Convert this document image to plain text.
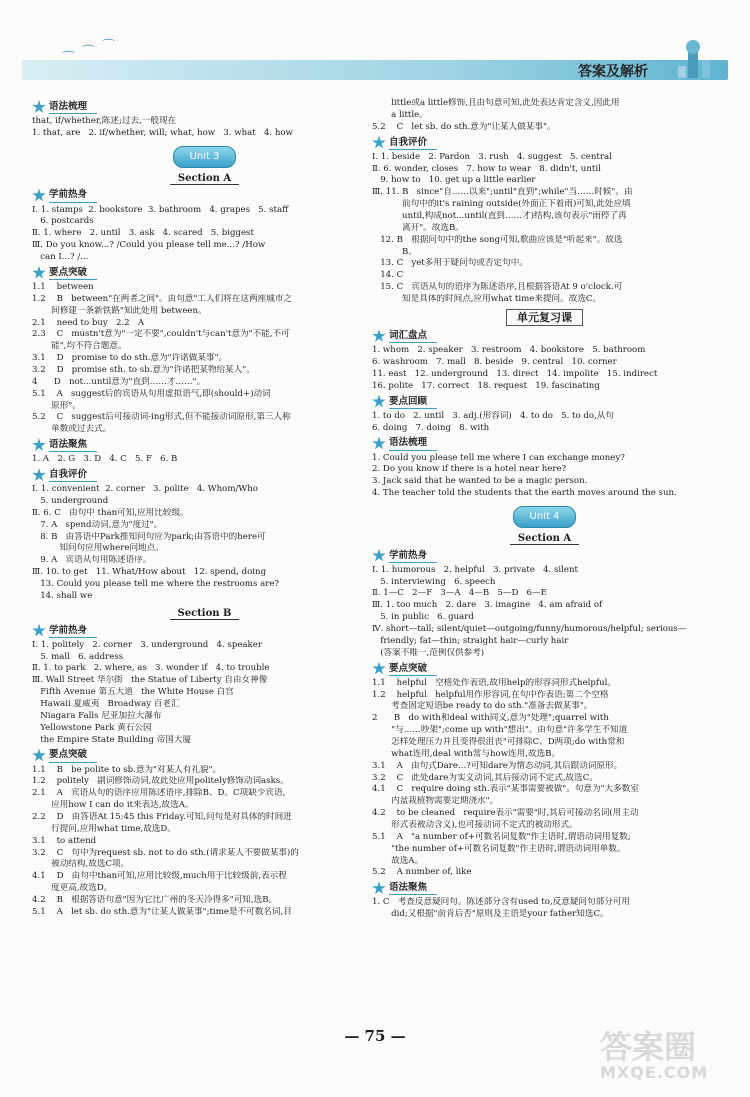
⌒ ⌒
⌒
答案及解析
语法梳理
that, if/whether,陈述;过去,一般现在
1. that, are   2. if/whether, will; what, how   3. what   4. how
Unit 3
Section A
学前热身
Ⅰ. 1. stamps  2. bookstore  3. bathroom   4. grapes   5. staff
6. postcards
Ⅱ. 1. where   2. until   3. ask   4. scared   5. biggest
Ⅲ. Do you know...? /Could you please tell me...? /How
can I...? /...
要点突破
1.1    between
1.2    B   between"在两者之间"。由句意"工人们将在这两座城市之
间修建一条新铁路"知此处用 between。
2.1    need to buy   2.2   A
2.3    C   mustn't意为"一定不要",couldn't与can't意为"不能,不可
能",均不符合题意。
3.1    D   promise to do sth.意为"许诺做某事"。
3.2    D   promise sth. to sb.意为"许诺把某物给某人"。
4      D   not...until意为"直到……才……"。
5.1    A   suggest后的宾语从句用虚拟语气,即(should+)动词
原形"。
5.2    C   suggest后可接动词-ing形式,但不能接动词原形,第三人称
单数或过去式。
语法聚焦
1. A   2. G   3. D   4. C   5. F   6. B
自我评价
Ⅰ. 1. convenient  2. corner   3. polite   4. Whom/Who
5. underground
Ⅱ. 6. C   由句中 than可知,应用比较级。
7. A   spend动词,意为"度过"。
8. B   由答语中Park推知问句应为park;由答语中的here可
知问句应用where问地点。
9. A   宾语从句用陈述语序。
Ⅲ. 10. to get   11. What/How about   12. spend, doing
13. Could you please tell me where the restrooms are?
14. shall we
Section B
学前热身
Ⅰ. 1. politely   2. corner   3. underground   4. speaker
5. mall   6. address
Ⅱ. 1. to park   2. where, as   3. wonder if   4. to trouble
Ⅲ. Wall Street 华尔街   the Statue of Liberty 自由女神像
Fifth Avenue 第五大道   the White House 白宫
Hawaii 夏威夷   Broadway 百老汇
Niagara Falls 尼亚加拉大瀑布
Yellowstone Park 黄石公园
the Empire State Building 帝国大厦
要点突破
1.1    B   be polite to sb.意为"对某人有礼貌"。
1.2    politely   副词修饰动词,故此处应用politely修饰动词asks。
2.1    A   宾语从句的语序应用陈述语序,排除B、D。C项缺少宾语,
应用how I can do it来表达,故选A。
2.2    D   由答语At 15:45 this Friday.可知,问句是对具体的时间进
行提问,应用what time,故选D。
3.1    to attend
3.2    C   句中为request sb. not to do sth.(请求某人不要做某事)的
被动结构,故选C项。
4.1    D   由句中than可知,应用比较级,much用于比较级前,表示程
度更高,故选D。
4.2    B   根据答语句意"因为它比广州的冬天冷得多"可知,选B。
5.1    A   let sb. do sth.意为"让某人做某事";time是不可数名词,目
little或a little修饰,且由句意可知,此处表达肯定含义,因此用
a little。
5.2    C   let sb. do sth.意为"让某人做某事"。
自我评价
Ⅰ. 1. beside   2. Pardon   3. rush   4. suggest   5. central
Ⅱ. 6. wonder, closes   7. how to wear   8. didn't, until
9. how to   10. get up a little earlier
Ⅲ. 11. B   since"自……以来";until"直到";while"当……时候"。由
前句中的it's raining outside(外面正下着雨)可知,此处应填
until,构成not...until(直到……才)结构,该句表示"雨停了再
离开"。故选B。
12. B   根据问句中的the song可知,歌曲应该是"听起来"。故选
B。
13. C   yet多用于疑问句或否定句中。
14. C
15. C   宾语从句的语序为陈述语序,且根据答语At 9 o'clock.可
知是具体的时间点,应用what time来提问。故选C。
单元复习课
词汇盘点
1. whom   2. speaker   3. restroom   4. bookstore   5. bathroom
6. washroom   7. mall   8. beside   9. central   10. corner
11. east   12. underground   13. direct   14. impolite   15. indirect
16. polite   17. correct   18. request   19. fascinating
要点回顾
1. to do   2. until   3. adj.(形容词)   4. to do   5. to do,从句
6. doing   7. doing   8. with
语法梳理
1. Could you please tell me where I can exchange money?
2. Do you know if there is a hotel near here?
3. Jack said that he wanted to be a magic person.
4. The teacher told the students that the earth moves around the sun.
Unit 4
Section A
学前热身
Ⅰ. 1. humorous   2. helpful   3. private   4. silent
5. interviewing   6. speech
Ⅱ. 1—C   2—F   3—A   4—B   5—D   6—E
Ⅲ. 1. too much   2. dare   3. imagine   4. am afraid of
5. in public   6. guard
Ⅳ. short—tall; silent/quiet—outgoing/funny/humorous/helpful; serious—
friendly; fat—thin; straight hair—curly hair
(答案不唯一,范例仅供参考)
要点突破
1.1    helpful   空格处作表语,故用help的形容词形式helpful。
1.2    helpful   helpful用作形容词,在句中作表语;第二个空格
考查固定短语be ready to do sth."准备去做某事"。
2      B   do with和deal with同义,意为"处理";quarrel with
"与……吵架";come up with"想出"。由句意"许多学生不知道
怎样处理压力并且变得很沮丧"可排除C、D两项;do with常和
what连用,deal with常与how连用,故选B。
3.1    A   由句式Dare...?可知dare为情态动词,其后跟动词原形。
3.2    C   此处dare为实义动词,其后接动词不定式,故选C。
4.1    C   require doing sth.表示"某事需要被做"。句意为"大多数室
内盆栽植物需要定期浇水"。
4.2    to be cleaned   require表示"需要"时,其后可接动名词(用主动
形式表被动含义),也可接动词不定式的被动形式。
5.1    A   "a number of+可数名词复数"作主语时,谓语动词用复数;
"the number of+可数名词复数"作主语时,谓语动词用单数。
故选A。
5.2    A number of, like
语法聚焦
1. C   考查反意疑问句。陈述部分含有used to,反意疑问句部分可用
did;又根据"前肯后否"原则及主语是your father知选C。
— 75 —	答案圈
MXQE.COM
